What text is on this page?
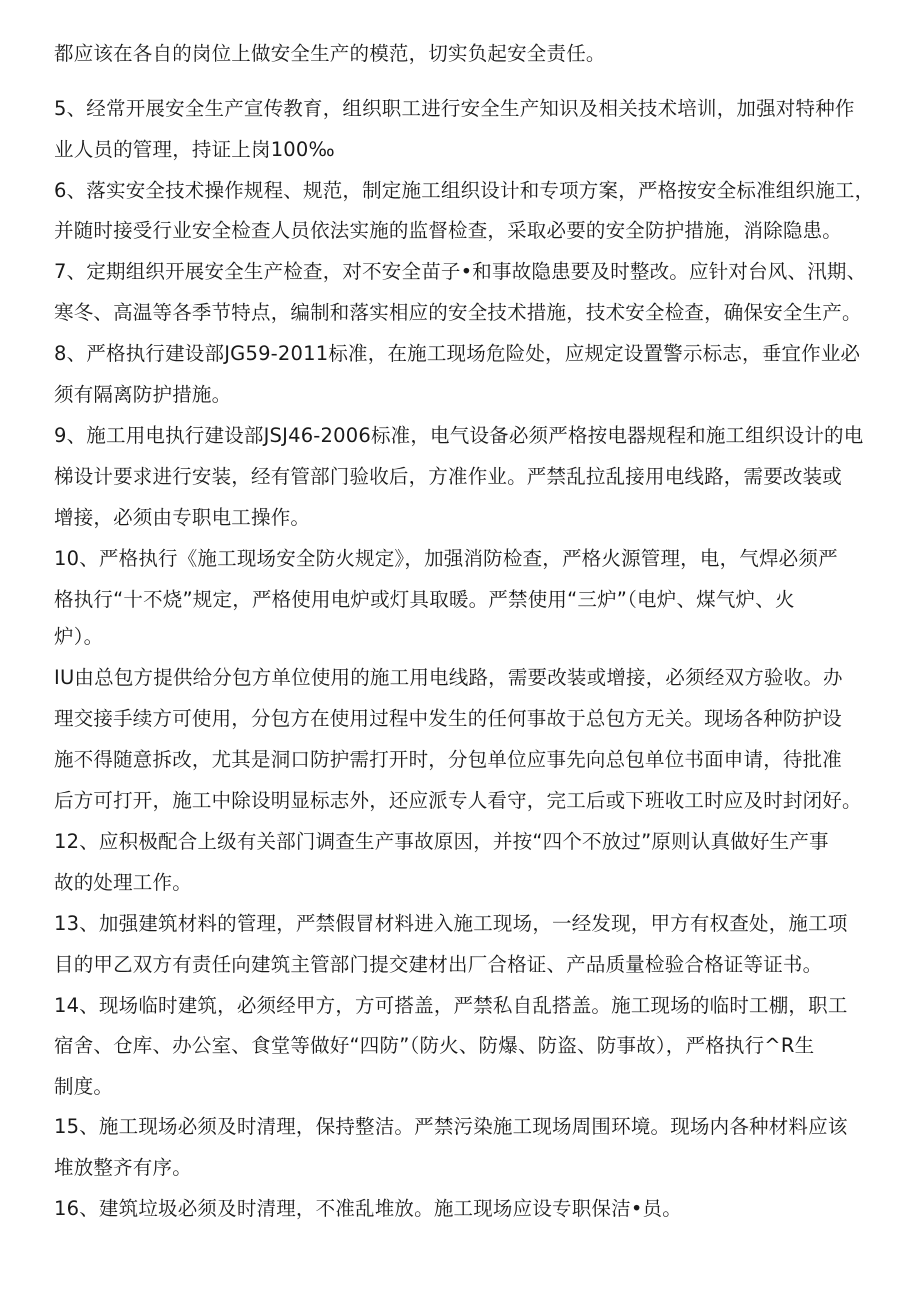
都应该在各自的岗位上做安全生产的模范，切实负起安全责任。
5、经常开展安全生产宣传教育，组织职工进行安全生产知识及相关技术培训，加强对特种作
业人员的管理，持证上岗100‰
6、落实安全技术操作规程、规范，制定施工组织设计和专项方案，严格按安全标准组织施工，
并随时接受行业安全检查人员依法实施的监督检查，采取必要的安全防护措施，消除隐患。
7、定期组织开展安全生产检查，对不安全苗子•和事故隐患要及时整改。应针对台风、汛期、
寒冬、高温等各季节特点，编制和落实相应的安全技术措施，技术安全检查，确保安全生产。
8、严格执行建设部JG59-2011标准，在施工现场危险处，应规定设置警示标志，垂宜作业必
须有隔离防护措施。
9、施工用电执行建设部JSJ46-2006标准，电气设备必须严格按电器规程和施工组织设计的电
梯设计要求进行安装，经有管部门验收后，方准作业。严禁乱拉乱接用电线路，需要改装或
增接，必须由专职电工操作。
10、严格执行《施工现场安全防火规定》，加强消防检查，严格火源管理，电，气焊必须严
格执行“十不烧”规定，严格使用电炉或灯具取暖。严禁使用“三炉”（电炉、煤气炉、火
炉）。
IU由总包方提供给分包方单位使用的施工用电线路，需要改装或增接，必须经双方验收。办
理交接手续方可使用，分包方在使用过程中发生的任何事故于总包方无关。现场各种防护设
施不得随意拆改，尤其是洞口防护需打开时，分包单位应事先向总包单位书面申请，待批准
后方可打开，施工中除设明显标志外，还应派专人看守，完工后或下班收工时应及时封闭好。
12、应积极配合上级有关部门调查生产事故原因，并按“四个不放过”原则认真做好生产事
故的处理工作。
13、加强建筑材料的管理，严禁假冒材料进入施工现场，一经发现，甲方有权查处，施工项
目的甲乙双方有责任向建筑主管部门提交建材出厂合格证、产品质量检验合格证等证书。
14、现场临时建筑，必须经甲方，方可搭盖，严禁私自乱搭盖。施工现场的临时工棚，职工
宿舍、仓库、办公室、食堂等做好“四防”（防火、防爆、防盗、防事故），严格执行^R生
制度。
15、施工现场必须及时清理，保持整洁。严禁污染施工现场周围环境。现场内各种材料应该
堆放整齐有序。
16、建筑垃圾必须及时清理，不准乱堆放。施工现场应设专职保洁•员。
